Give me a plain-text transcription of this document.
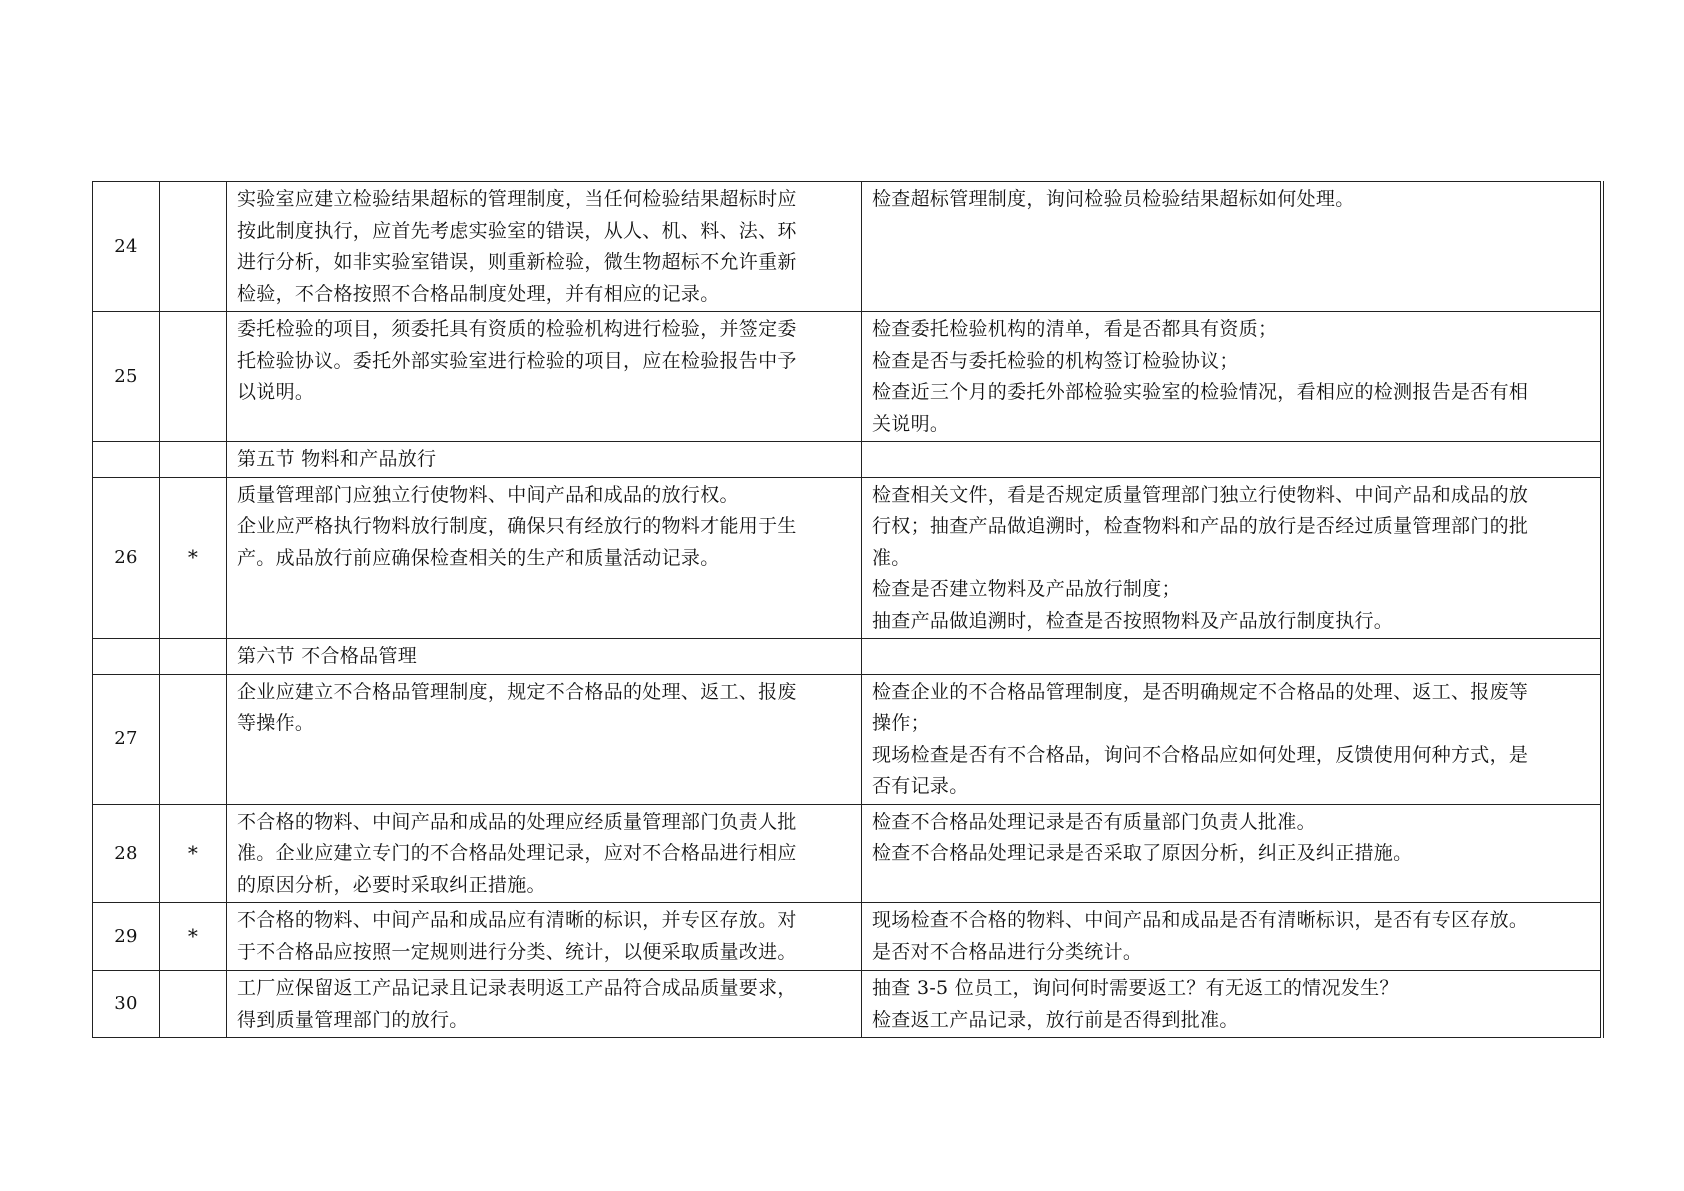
24		实验室应建立检验结果超标的管理制度，当任何检验结果超标时应
按此制度执行，应首先考虑实验室的错误，从人、机、料、法、环
进行分析，如非实验室错误，则重新检验，微生物超标不允许重新
检验，不合格按照不合格品制度处理，并有相应的记录。	检查超标管理制度，询问检验员检验结果超标如何处理。

25		委托检验的项目，须委托具有资质的检验机构进行检验，并签定委
托检验协议。委托外部实验室进行检验的项目，应在检验报告中予
以说明。	检查委托检验机构的清单，看是否都具有资质；
检查是否与委托检验的机构签订检验协议；
检查近三个月的委托外部检验实验室的检验情况，看相应的检测报告是否有相
关说明。

		第五节 物料和产品放行	

26	*	质量管理部门应独立行使物料、中间产品和成品的放行权。
企业应严格执行物料放行制度，确保只有经放行的物料才能用于生
产。成品放行前应确保检查相关的生产和质量活动记录。	检查相关文件，看是否规定质量管理部门独立行使物料、中间产品和成品的放
行权；抽查产品做追溯时，检查物料和产品的放行是否经过质量管理部门的批
准。
检查是否建立物料及产品放行制度；
抽查产品做追溯时，检查是否按照物料及产品放行制度执行。

		第六节 不合格品管理	

27		企业应建立不合格品管理制度，规定不合格品的处理、返工、报废
等操作。	检查企业的不合格品管理制度，是否明确规定不合格品的处理、返工、报废等
操作；
现场检查是否有不合格品，询问不合格品应如何处理，反馈使用何种方式，是
否有记录。

28	*	不合格的物料、中间产品和成品的处理应经质量管理部门负责人批
准。企业应建立专门的不合格品处理记录，应对不合格品进行相应
的原因分析，必要时采取纠正措施。	检查不合格品处理记录是否有质量部门负责人批准。
检查不合格品处理记录是否采取了原因分析，纠正及纠正措施。

29	*	不合格的物料、中间产品和成品应有清晰的标识，并专区存放。对
于不合格品应按照一定规则进行分类、统计，以便采取质量改进。	现场检查不合格的物料、中间产品和成品是否有清晰标识，是否有专区存放。
是否对不合格品进行分类统计。

30		工厂应保留返工产品记录且记录表明返工产品符合成品质量要求，
得到质量管理部门的放行。	抽查 3-5 位员工，询问何时需要返工？有无返工的情况发生？
检查返工产品记录，放行前是否得到批准。
